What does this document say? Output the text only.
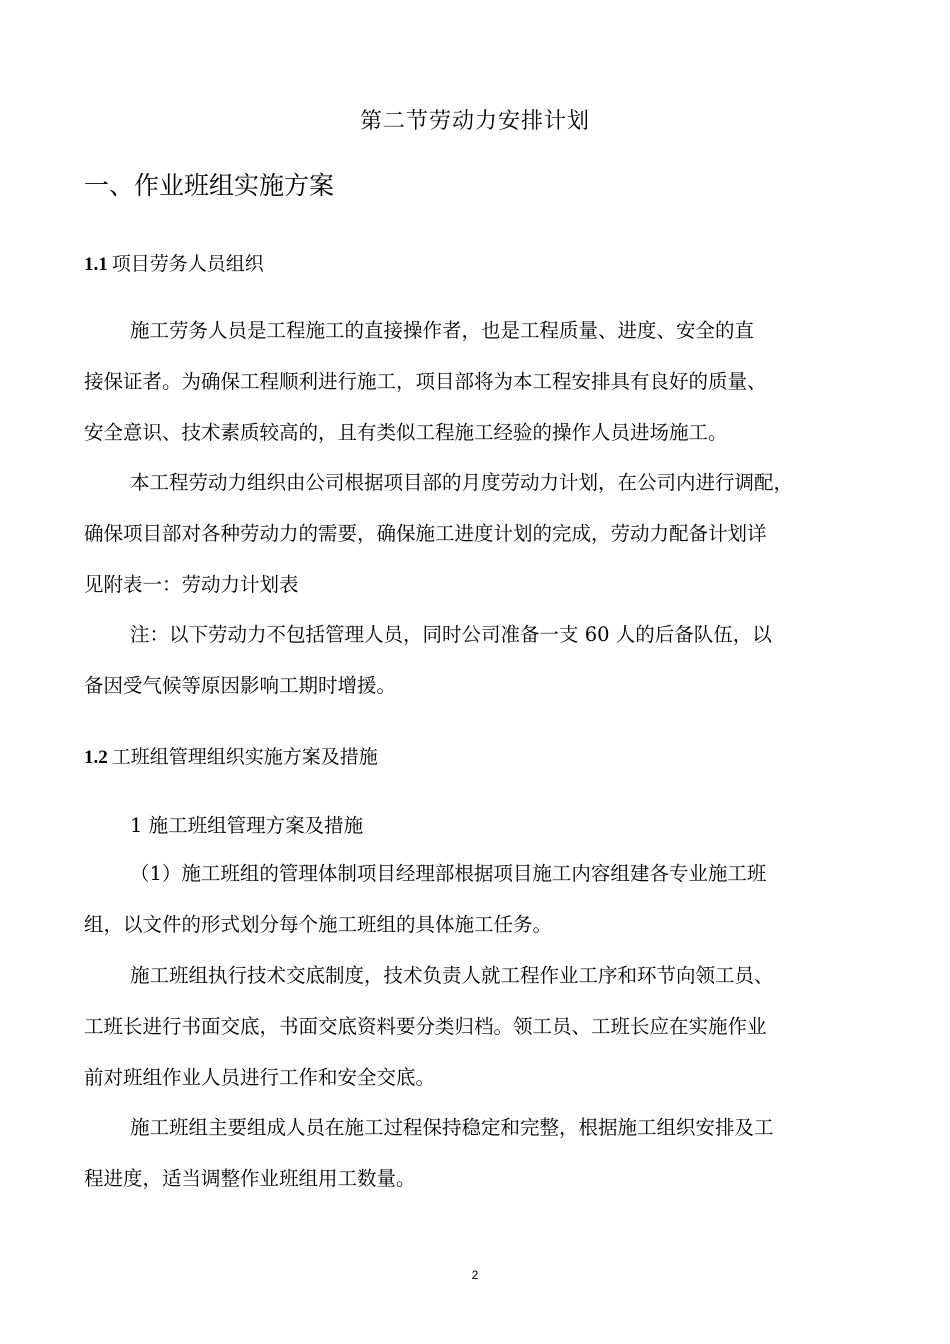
第二节劳动力安排计划
一、作业班组实施方案
1.1 项目劳务人员组织
施工劳务人员是工程施工的直接操作者，也是工程质量、进度、安全的直
接保证者。为确保工程顺利进行施工，项目部将为本工程安排具有良好的质量、
安全意识、技术素质较高的，且有类似工程施工经验的操作人员进场施工。
本工程劳动力组织由公司根据项目部的月度劳动力计划，在公司内进行调配，
确保项目部对各种劳动力的需要，确保施工进度计划的完成，劳动力配备计划详
见附表一：劳动力计划表
注：以下劳动力不包括管理人员，同时公司准备一支 60 人的后备队伍，以
备因受气候等原因影响工期时增援。
1.2 工班组管理组织实施方案及措施
1 施工班组管理方案及措施
（1）施工班组的管理体制项目经理部根据项目施工内容组建各专业施工班
组，以文件的形式划分每个施工班组的具体施工任务。
施工班组执行技术交底制度，技术负责人就工程作业工序和环节向领工员、
工班长进行书面交底，书面交底资料要分类归档。领工员、工班长应在实施作业
前对班组作业人员进行工作和安全交底。
施工班组主要组成人员在施工过程保持稳定和完整，根据施工组织安排及工
程进度，适当调整作业班组用工数量。
2
